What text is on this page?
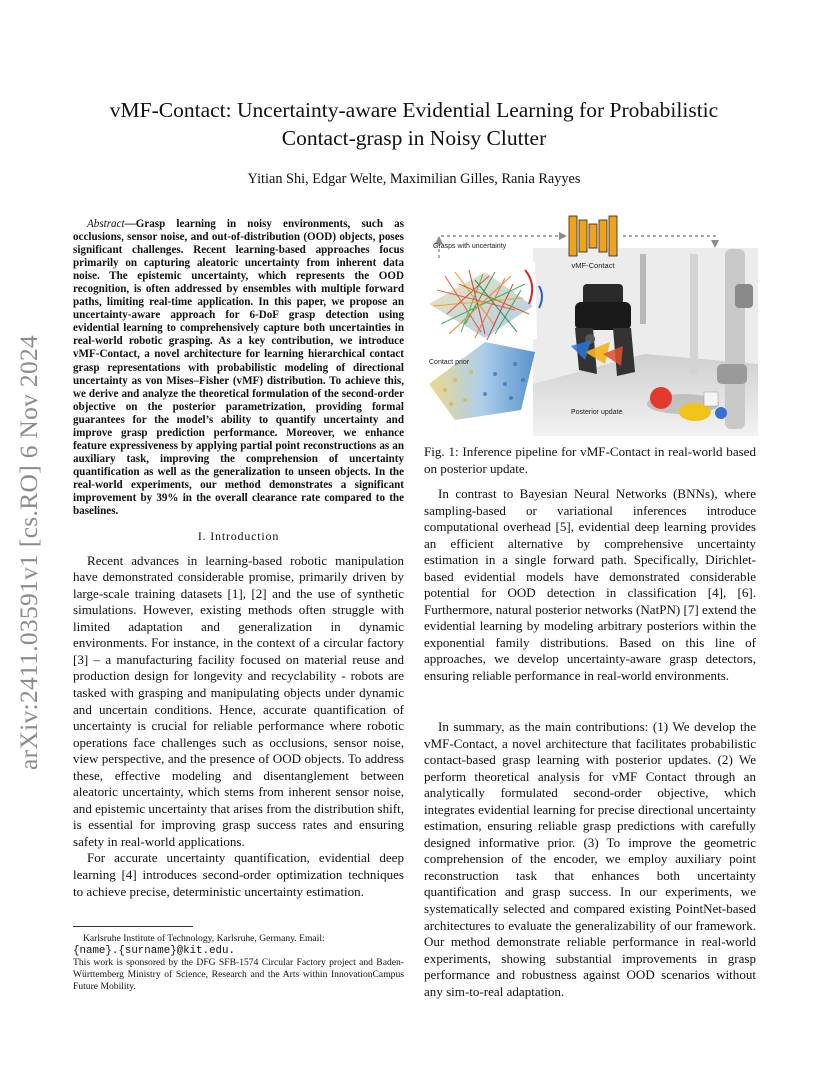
arXiv:2411.03591v1 [cs.RO] 6 Nov 2024
vMF-Contact: Uncertainty-aware Evidential Learning for Probabilistic
Contact-grasp in Noisy Clutter
Yitian Shi, Edgar Welte, Maximilian Gilles, Rania Rayyes

Abstract—Grasp learning in noisy environments, such as occlusions, sensor noise, and out-of-distribution (OOD) objects, poses significant challenges. Recent learning-based approaches focus primarily on capturing aleatoric uncertainty from inherent data noise. The epistemic uncertainty, which represents the OOD recognition, is often addressed by ensembles with multiple forward paths, limiting real-time application. In this paper, we propose an uncertainty-aware approach for 6-DoF grasp detection using evidential learning to comprehensively capture both uncertainties in real-world robotic grasping. As a key contribution, we introduce vMF-Contact, a novel architecture for learning hierarchical contact grasp representations with probabilistic modeling of directional uncertainty as von Mises–Fisher (vMF) distribution. To achieve this, we derive and analyze the theoretical formulation of the second-order objective on the posterior parametrization, providing formal guarantees for the model’s ability to quantify uncertainty and improve grasp prediction performance. Moreover, we enhance feature expressiveness by applying partial point reconstructions as an auxiliary task, improving the comprehension of uncertainty quantification as well as the generalization to unseen objects. In the real-world experiments, our method demonstrates a significant improvement by 39% in the overall clearance rate compared to the baselines.

I. Introduction

Recent advances in learning-based robotic manipulation have demonstrated considerable promise, primarily driven by large-scale training datasets [1], [2] and the use of synthetic simulations. However, existing methods often struggle with limited adaptation and generalization in dynamic environments. For instance, in the context of a circular factory [3] – a manufacturing facility focused on material reuse and production design for longevity and recyclability - robots are tasked with grasping and manipulating objects under dynamic and uncertain conditions. Hence, accurate quantification of uncertainty is crucial for reliable performance where robotic operations face challenges such as occlusions, sensor noise, view perspective, and the presence of OOD objects. To address these, effective modeling and disentanglement between aleatoric uncertainty, which stems from inherent sensor noise, and epistemic uncertainty that arises from the distribution shift, is essential for improving grasp success rates and ensuring safety in real-world applications.

For accurate uncertainty quantification, evidential deep learning [4] introduces second-order optimization techniques to achieve precise, deterministic uncertainty estimation.

Karlsruhe Institute of Technology, Karlsruhe, Germany. Email:
{name}.{surname}@kit.edu.

This work is sponsored by the DFG SFB-1574 Circular Factory project and Baden-Württemberg Ministry of Science, Research and the Arts within InnovationCampus Future Mobility.

vMF-Contact
Grasps with uncertainty
Contact prior
Posterior update
Fig. 1: Inference pipeline for vMF-Contact in real-world based on posterior update.

In contrast to Bayesian Neural Networks (BNNs), where sampling-based or variational inferences introduce computational overhead [5], evidential deep learning provides an efficient alternative by comprehensive uncertainty estimation in a single forward path. Specifically, Dirichlet-based evidential models have demonstrated considerable potential for OOD detection in classification [4], [6]. Furthermore, natural posterior networks (NatPN) [7] extend the evidential learning by modeling arbitrary posteriors within the exponential family distributions. Based on this line of approaches, we develop uncertainty-aware grasp detectors, ensuring reliable performance in real-world environments.

In summary, as the main contributions: (1) We develop the vMF-Contact, a novel architecture that facilitates probabilistic contact-based grasp learning with posterior updates. (2) We perform theoretical analysis for vMF Contact through an analytically formulated second-order objective, which integrates evidential learning for precise directional uncertainty estimation, ensuring reliable grasp predictions with carefully designed informative prior. (3) To improve the geometric comprehension of the encoder, we employ auxiliary point reconstruction task that enhances both uncertainty quantification and grasp success. In our experiments, we systematically selected and compared existing PointNet-based architectures to evaluate the generalizability of our framework. Our method demonstrate reliable performance in real-world experiments, showing substantial improvements in grasp performance and robustness against OOD scenarios without any sim-to-real adaptation.
